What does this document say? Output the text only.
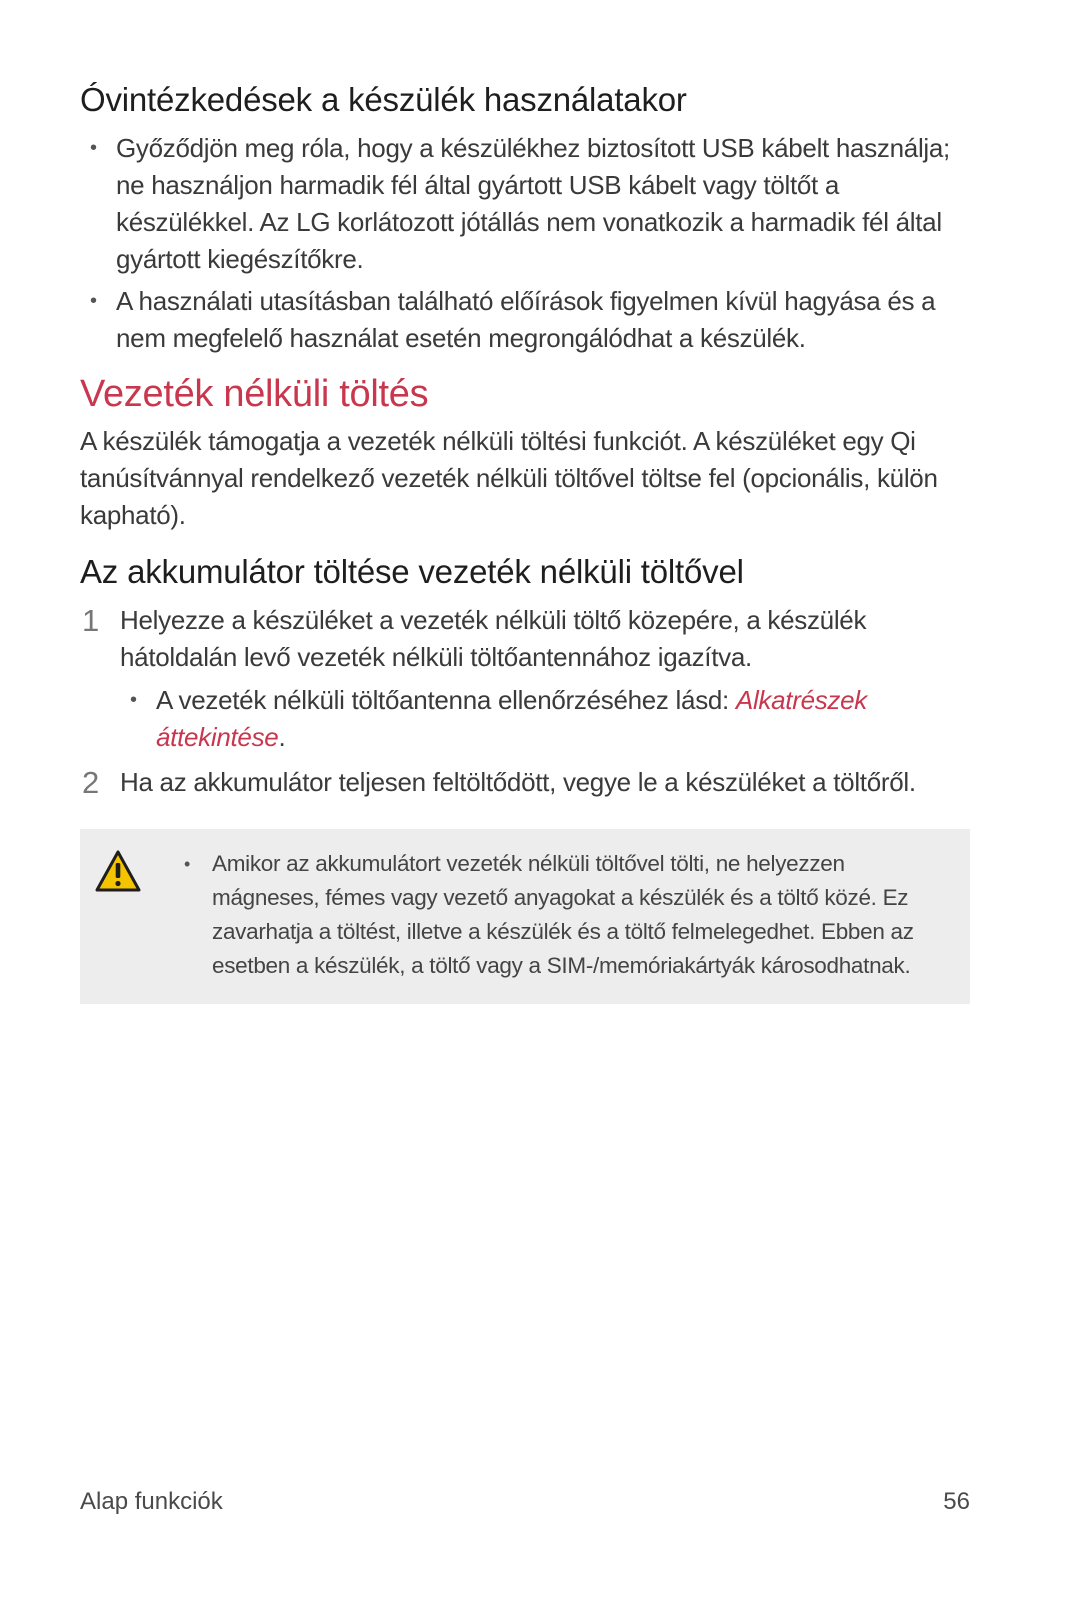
Óvintézkedések a készülék használatakor
• Győződjön meg róla, hogy a készülékhez biztosított USB kábelt használja; ne használjon harmadik fél által gyártott USB kábelt vagy töltőt a készülékkel. Az LG korlátozott jótállás nem vonatkozik a harmadik fél által gyártott kiegészítőkre.
• A használati utasításban található előírások figyelmen kívül hagyása és a nem megfelelő használat esetén megrongálódhat a készülék.
Vezeték nélküli töltés

A készülék támogatja a vezeték nélküli töltési funkciót. A készüléket egy Qi tanúsítvánnyal rendelkező vezeték nélküli töltővel töltse fel (opcionális, külön kapható).

Az akkumulátor töltése vezeték nélküli töltővel
1 Helyezze a készüléket a vezeték nélküli töltő közepére, a készülék hátoldalán levő vezeték nélküli töltőantennához igazítva.
• A vezeték nélküli töltőantenna ellenőrzéséhez lásd: Alkatrészek áttekintése.
2 Ha az akkumulátor teljesen feltöltődött, vegye le a készüléket a töltőről.
• Amikor az akkumulátort vezeték nélküli töltővel tölti, ne helyezzen mágneses, fémes vagy vezető anyagokat a készülék és a töltő közé. Ez zavarhatja a töltést, illetve a készülék és a töltő felmelegedhet. Ebben az esetben a készülék, a töltő vagy a SIM-/memóriakártyák károsodhatnak.
Alap funkciók	56
